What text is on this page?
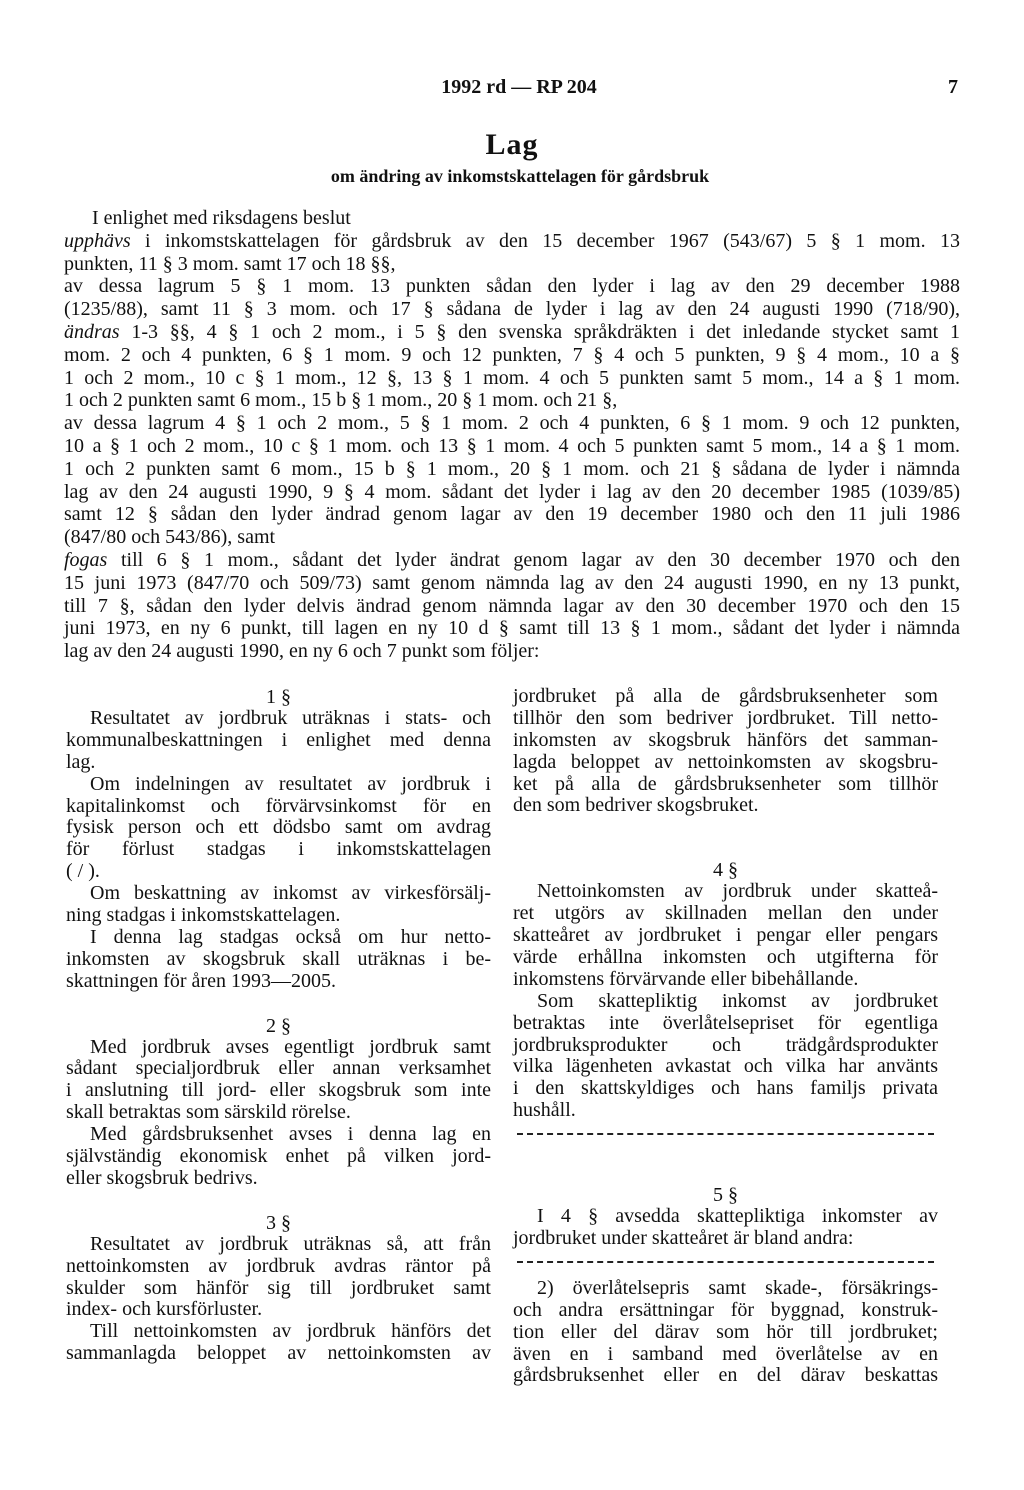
1992 rd — RP 204	7
Lag
om ändring av inkomstskattelagen för gårdsbruk
I enlighet med riksdagens beslut
upphävs i inkomstskattelagen för gårdsbruk av den 15 december 1967 (543/67) 5 § 1 mom. 13
punkten, 11 § 3 mom. samt 17 och 18 §§,
av dessa lagrum 5 § 1 mom. 13 punkten sådan den lyder i lag av den 29 december 1988
(1235/88), samt 11 § 3 mom. och 17 § sådana de lyder i lag av den 24 augusti 1990 (718/90),
ändras 1-3 §§, 4 § 1 och 2 mom., i 5 § den svenska språkdräkten i det inledande stycket samt 1
mom. 2 och 4 punkten, 6 § 1 mom. 9 och 12 punkten, 7 § 4 och 5 punkten, 9 § 4 mom., 10 a §
1 och 2 mom., 10 c § 1 mom., 12 §, 13 § 1 mom. 4 och 5 punkten samt 5 mom., 14 a § 1 mom.
1 och 2 punkten samt 6 mom., 15 b § 1 mom., 20 § 1 mom. och 21 §,
av dessa lagrum 4 § 1 och 2 mom., 5 § 1 mom. 2 och 4 punkten, 6 § 1 mom. 9 och 12 punkten,
10 a § 1 och 2 mom., 10 c § 1 mom. och 13 § 1 mom. 4 och 5 punkten samt 5 mom., 14 a § 1 mom.
1 och 2 punkten samt 6 mom., 15 b § 1 mom., 20 § 1 mom. och 21 § sådana de lyder i nämnda
lag av den 24 augusti 1990, 9 § 4 mom. sådant det lyder i lag av den 20 december 1985 (1039/85)
samt 12 § sådan den lyder ändrad genom lagar av den 19 december 1980 och den 11 juli 1986
(847/80 och 543/86), samt
fogas till 6 § 1 mom., sådant det lyder ändrat genom lagar av den 30 december 1970 och den
15 juni 1973 (847/70 och 509/73) samt genom nämnda lag av den 24 augusti 1990, en ny 13 punkt,
till 7 §, sådan den lyder delvis ändrad genom nämnda lagar av den 30 december 1970 och den 15
juni 1973, en ny 6 punkt, till lagen en ny 10 d § samt till 13 § 1 mom., sådant det lyder i nämnda
lag av den 24 augusti 1990, en ny 6 och 7 punkt som följer:
1 §
Resultatet av jordbruk uträknas i stats- och
kommunalbeskattningen i enlighet med denna
lag.
Om indelningen av resultatet av jordbruk i
kapitalinkomst och förvärvsinkomst för en
fysisk person och ett dödsbo samt om avdrag
för förlust stadgas i inkomstskattelagen
( / ).
Om beskattning av inkomst av virkesförsälj-
ning stadgas i inkomstskattelagen.
I denna lag stadgas också om hur netto-
inkomsten av skogsbruk skall uträknas i be-
skattningen för åren 1993—2005.
2 §
Med jordbruk avses egentligt jordbruk samt
sådant specialjordbruk eller annan verksamhet
i anslutning till jord- eller skogsbruk som inte
skall betraktas som särskild rörelse.
Med gårdsbruksenhet avses i denna lag en
självständig ekonomisk enhet på vilken jord-
eller skogsbruk bedrivs.
3 §
Resultatet av jordbruk uträknas så, att från
nettoinkomsten av jordbruk avdras räntor på
skulder som hänför sig till jordbruket samt
index- och kursförluster.
Till nettoinkomsten av jordbruk hänförs det
sammanlagda beloppet av nettoinkomsten av
jordbruket på alla de gårdsbruksenheter som
tillhör den som bedriver jordbruket. Till netto-
inkomsten av skogsbruk hänförs det samman-
lagda beloppet av nettoinkomsten av skogsbru-
ket på alla de gårdsbruksenheter som tillhör
den som bedriver skogsbruket.
4 §
Nettoinkomsten av jordbruk under skatteå-
ret utgörs av skillnaden mellan den under
skatteåret av jordbruket i pengar eller pengars
värde erhållna inkomsten och utgifterna för
inkomstens förvärvande eller bibehållande.
Som skattepliktig inkomst av jordbruket
betraktas inte överlåtelsepriset för egentliga
jordbruksprodukter och trädgårdsprodukter
vilka lägenheten avkastat och vilka har använts
i den skattskyldiges och hans familjs privata
hushåll.
5 §
I 4 § avsedda skattepliktiga inkomster av
jordbruket under skatteåret är bland andra:
2) överlåtelsepris samt skade-, försäkrings-
och andra ersättningar för byggnad, konstruk-
tion eller del därav som hör till jordbruket;
även en i samband med överlåtelse av en
gårdsbruksenhet eller en del därav beskattas
